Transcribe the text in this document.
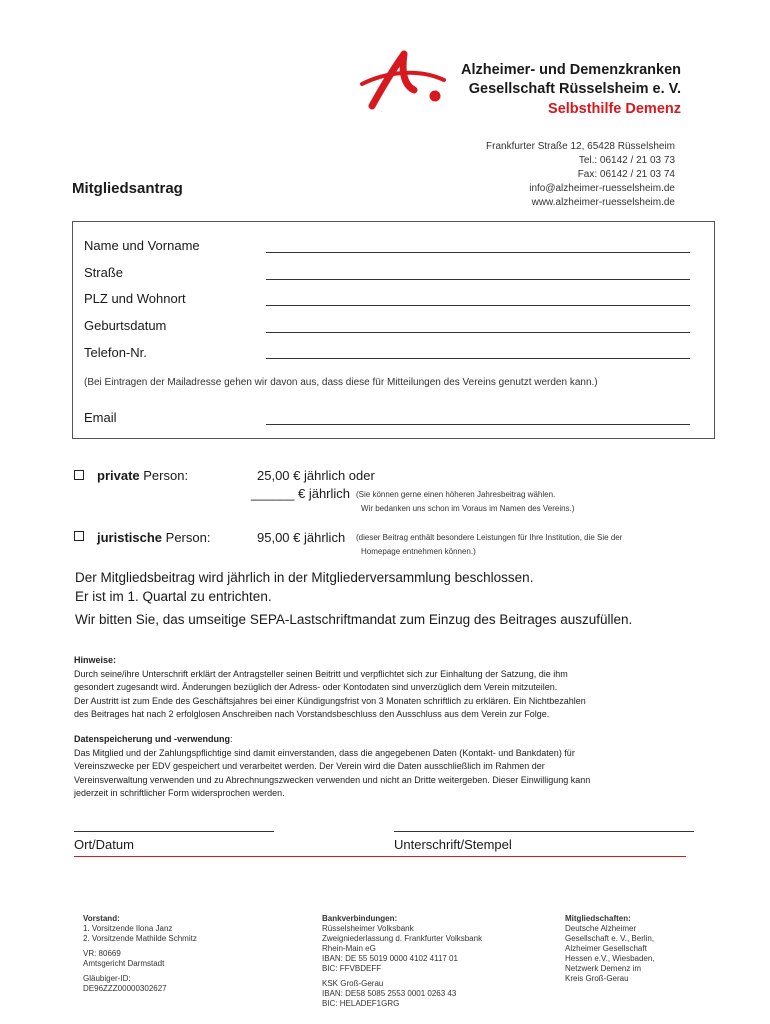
Alzheimer- und Demenzkranken
Gesellschaft Rüsselsheim e. V.
Selbsthilfe Demenz
Frankfurter Straße 12, 65428 Rüsselsheim
Tel.: 06142 / 21 03 73
Fax: 06142 / 21 03 74
info@alzheimer-ruesselsheim.de
www.alzheimer-ruesselsheim.de
Mitgliedsantrag
Name und Vorname
Straße
PLZ und Wohnort
Geburtsdatum
Telefon-Nr.
(Bei Eintragen der Mailadresse gehen wir davon aus, dass diese für Mitteilungen des Vereins genutzt werden kann.)
Email
private Person:	25,00 € jährlich oder
______ € jährlich (Sie können gerne einen höheren Jahresbeitrag wählen.
Wir bedanken uns schon im Voraus im Namen des Vereins.)
juristische Person:	95,00 € jährlich (dieser Beitrag enthält besondere Leistungen für Ihre Institution, die Sie der
Homepage entnehmen können.)
Der Mitgliedsbeitrag wird jährlich in der Mitgliederversammlung beschlossen.
Er ist im 1. Quartal zu entrichten.
Wir bitten Sie, das umseitige SEPA-Lastschriftmandat zum Einzug des Beitrages auszufüllen.
Hinweise:
Durch seine/ihre Unterschrift erklärt der Antragsteller seinen Beitritt und verpflichtet sich zur Einhaltung der Satzung, die ihm
gesondert zugesandt wird. Änderungen bezüglich der Adress- oder Kontodaten sind unverzüglich dem Verein mitzuteilen.
Der Austritt ist zum Ende des Geschäftsjahres bei einer Kündigungsfrist von 3 Monaten schriftlich zu erklären. Ein Nichtbezahlen
des Beitrages hat nach 2 erfolglosen Anschreiben nach Vorstandsbeschluss den Ausschluss aus dem Verein zur Folge.
Datenspeicherung und -verwendung:
Das Mitglied und der Zahlungspflichtige sind damit einverstanden, dass die angegebenen Daten (Kontakt- und Bankdaten) für
Vereinszwecke per EDV gespeichert und verarbeitet werden. Der Verein wird die Daten ausschließlich im Rahmen der
Vereinsverwaltung verwenden und zu Abrechnungszwecken verwenden und nicht an Dritte weitergeben. Dieser Einwilligung kann
jederzeit in schriftlicher Form widersprochen werden.
Ort/Datum	Unterschrift/Stempel
Vorstand:
1. Vorsitzende Ilona Janz
2. Vorsitzende Mathilde Schmitz
VR: 80669
Amtsgericht Darmstadt
Gläubiger-ID:
DE96ZZZ00000302627
Bankverbindungen:
Rüsselsheimer Volksbank
Zweigniederlassung d. Frankfurter Volksbank
Rhein-Main eG
IBAN: DE 55 5019 0000 4102 4117 01
BIC: FFVBDEFF
KSK Groß-Gerau
IBAN: DE58 5085 2553 0001 0263 43
BIC: HELADEF1GRG
Mitgliedschaften:
Deutsche Alzheimer
Gesellschaft e. V., Berlin,
Alzheimer Gesellschaft
Hessen e.V., Wiesbaden,
Netzwerk Demenz im
Kreis Groß-Gerau
